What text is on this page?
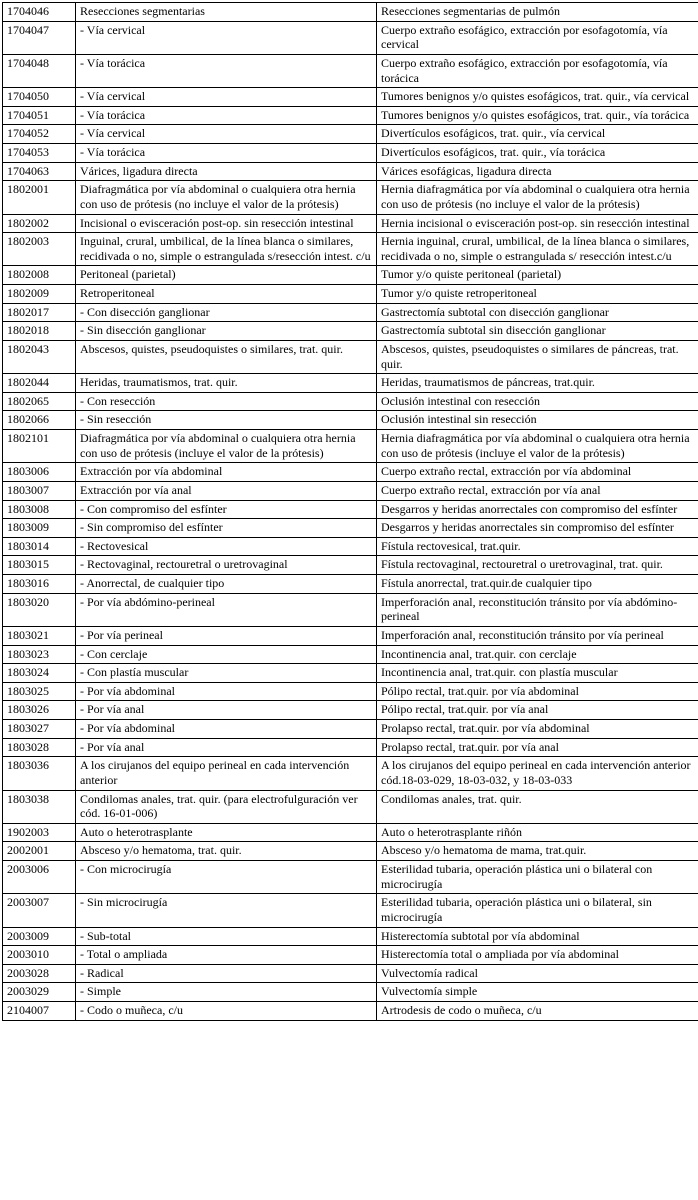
1704046	Resecciones segmentarias	Resecciones segmentarias de pulmón
1704047	- Vía cervical	Cuerpo extraño esofágico, extracción por esofagotomía, vía cervical
1704048	- Vía torácica	Cuerpo extraño esofágico, extracción por esofagotomía, vía torácica
1704050	- Vía cervical	Tumores benignos y/o quistes esofágicos, trat. quir., vía cervical
1704051	- Vía torácica	Tumores benignos y/o quistes esofágicos, trat. quir., vía torácica
1704052	- Vía cervical	Divertículos esofágicos, trat. quir., vía cervical
1704053	- Vía torácica	Divertículos esofágicos, trat. quir., vía torácica
1704063	Várices, ligadura directa	Várices esofágicas, ligadura directa
1802001	Diafragmática por vía abdominal o cualquiera otra hernia con uso de prótesis (no incluye el valor de la prótesis)	Hernia diafragmática por vía abdominal o cualquiera otra hernia con uso de prótesis (no incluye el valor de la prótesis)
1802002	Incisional o evisceración post-op. sin resección intestinal	Hernia incisional o evisceración post-op. sin resección intestinal
1802003	Inguinal, crural, umbilical, de la línea blanca o similares, recidivada o no, simple o estrangulada s/resección intest. c/u	Hernia inguinal, crural, umbilical, de la línea blanca o similares, recidivada o no, simple o estrangulada s/ resección intest.c/u
1802008	Peritoneal (parietal)	Tumor y/o quiste peritoneal (parietal)
1802009	Retroperitoneal	Tumor y/o quiste retroperitoneal
1802017	- Con disección ganglionar	Gastrectomía subtotal con disección ganglionar
1802018	- Sin disección ganglionar	Gastrectomía subtotal sin disección ganglionar
1802043	Abscesos, quistes, pseudoquistes o similares, trat. quir.	Abscesos, quistes, pseudoquistes o similares de páncreas, trat. quir.
1802044	Heridas, traumatismos, trat. quir.	Heridas, traumatismos de páncreas, trat.quir.
1802065	- Con resección	Oclusión intestinal con resección
1802066	- Sin resección	Oclusión intestinal sin resección
1802101	Diafragmática por vía abdominal o cualquiera otra hernia con uso de prótesis (incluye el valor de la prótesis)	Hernia diafragmática por vía abdominal o cualquiera otra hernia con uso de prótesis (incluye el valor de la prótesis)
1803006	Extracción por vía abdominal	Cuerpo extraño rectal, extracción por vía abdominal
1803007	Extracción por vía anal	Cuerpo extraño rectal, extracción por vía anal
1803008	- Con compromiso del esfínter	Desgarros y heridas anorrectales con compromiso del esfínter
1803009	- Sin compromiso del esfínter	Desgarros y heridas anorrectales sin compromiso del esfínter
1803014	- Rectovesical	Fístula rectovesical, trat.quir.
1803015	- Rectovaginal, rectouretral o uretrovaginal	Fístula rectovaginal, rectouretral o uretrovaginal, trat. quir.
1803016	- Anorrectal, de cualquier tipo	Fístula anorrectal, trat.quir.de cualquier tipo
1803020	- Por vía abdómino-perineal	Imperforación anal, reconstitución tránsito por vía abdómino-perineal
1803021	- Por vía perineal	Imperforación anal, reconstitución tránsito por vía perineal
1803023	- Con cerclaje	Incontinencia anal, trat.quir. con cerclaje
1803024	- Con plastía muscular	Incontinencia anal, trat.quir. con plastía muscular
1803025	- Por vía abdominal	Pólipo rectal, trat.quir. por vía abdominal
1803026	- Por vía anal	Pólipo rectal, trat.quir. por vía anal
1803027	- Por vía abdominal	Prolapso rectal, trat.quir. por vía abdominal
1803028	- Por vía anal	Prolapso rectal, trat.quir. por vía anal
1803036	A los cirujanos del equipo perineal en cada intervención anterior	A los cirujanos del equipo perineal en cada intervención anterior cód.18-03-029, 18-03-032, y 18-03-033
1803038	Condilomas anales, trat. quir. (para electrofulguración ver cód. 16-01-006)	Condilomas anales, trat. quir.
1902003	Auto o heterotrasplante	Auto o heterotrasplante riñón
2002001	Absceso y/o hematoma, trat. quir.	Absceso y/o hematoma de mama, trat.quir.
2003006	- Con microcirugía	Esterilidad tubaria, operación plástica uni o bilateral con microcirugía
2003007	- Sin microcirugía	Esterilidad tubaria, operación plástica uni o bilateral, sin microcirugía
2003009	- Sub-total	Histerectomía subtotal por vía abdominal
2003010	- Total o ampliada	Histerectomía total o ampliada por vía abdominal
2003028	- Radical	Vulvectomía radical
2003029	- Simple	Vulvectomía simple
2104007	- Codo o muñeca, c/u	Artrodesis de codo o muñeca, c/u
